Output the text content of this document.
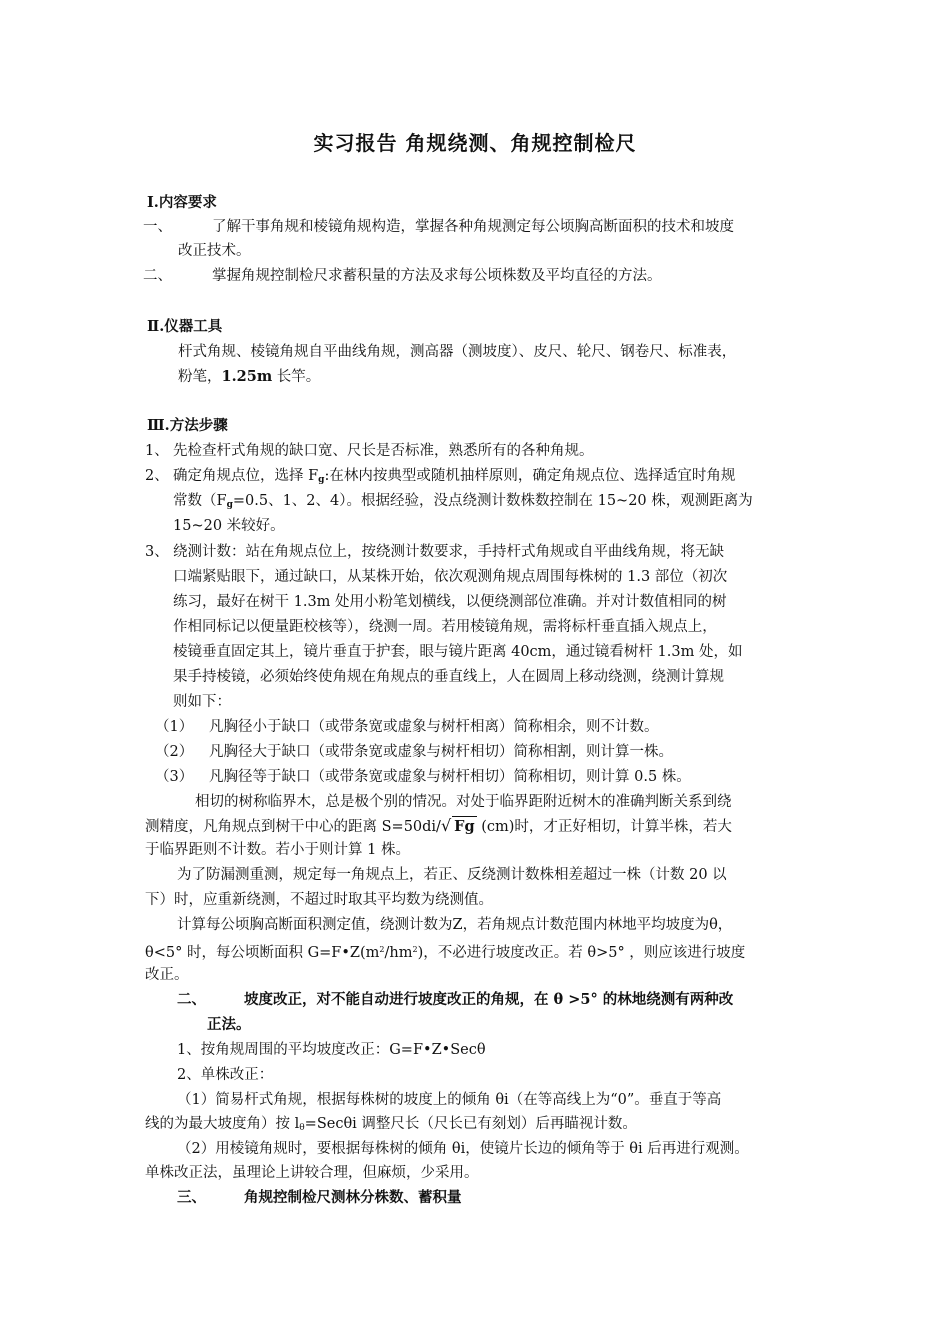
实习报告 角规绕测、角规控制检尺
Ⅰ.内容要求
一、	了解干事角规和棱镜角规构造，掌握各种角规测定每公顷胸高断面积的技术和坡度
改正技术。
二、	掌握角规控制检尺求蓄积量的方法及求每公顷株数及平均直径的方法。
Ⅱ.仪器工具
杆式角规、棱镜角规自平曲线角规，测高器（测坡度）、皮尺、轮尺、钢卷尺、标准表，
粉笔，1.25m 长竿。
Ⅲ.方法步骤
1、 先检查杆式角规的缺口宽、尺长是否标准，熟悉所有的各种角规。
2、 确定角规点位，选择 $F_g$:在林内按典型或随机抽样原则，确定角规点位、选择适宜时角规
常数（$F_g=0.5$、1、2、4）。根据经验，没点绕测计数株数控制在 15~20 株，观测距离为
15~20 米较好。
3、 绕测计数：站在角规点位上，按绕测计数要求，手持杆式角规或自平曲线角规，将无缺
口端紧贴眼下，通过缺口，从某株开始，依次观测角规点周围每株树的 1.3 部位（初次
练习，最好在树干 1.3m 处用小粉笔划横线，以便绕测部位准确。并对计数值相同的树
作相同标记以便量距校核等），绕测一周。若用棱镜角规，需将标杆垂直插入规点上，
棱镜垂直固定其上，镜片垂直于护套，眼与镜片距离 40cm，通过镜看树杆 1.3m 处，如
果手持棱镜，必须始终使角规在角规点的垂直线上，人在圆周上移动绕测，绕测计算规
则如下：
（1） 凡胸径小于缺口（或带条宽或虚象与树杆相离）简称相余，则不计数。
（2） 凡胸径大于缺口（或带条宽或虚象与树杆相切）简称相割，则计算一株。
（3） 凡胸径等于缺口（或带条宽或虚象与树杆相切）简称相切，则计算 0.5 株。
相切的树称临界木，总是极个别的情况。对处于临界距附近树木的准确判断关系到绕
测精度，凡角规点到树干中心的距离 S=50di/√ Fg (cm)时，才正好相切，计算半株，若大
于临界距则不计数。若小于则计算 1 株。
为了防漏测重测，规定每一角规点上，若正、反绕测计数株相差超过一株（计数 20 以
下）时，应重新绕测，不超过时取其平均数为绕测值。
计算每公顷胸高断面积测定值，绕测计数为Z，若角规点计数范围内林地平均坡度为θ，
θ<5° 时，每公顷断面积 $G=F•Z(m^2/hm^2)$，不必进行坡度改正。若 θ>5° ，则应该进行坡度
改正。
二、	坡度改正，对不能自动进行坡度改正的角规，在 θ >5° 的林地绕测有两种改
正法。
1、按角规周围的平均坡度改正：G=F•Z•Secθ
2、单株改正：
（1）简易杆式角规，根据每株树的坡度上的倾角 θi（在等高线上为“0”。垂直于等高
线的为最大坡度角）按 $l_\theta=Sec\theta i$ 调整尺长（尺长已有刻划）后再瞄视计数。
（2）用棱镜角规时，要根据每株树的倾角 θi，使镜片长边的倾角等于 θi 后再进行观测。
单株改正法，虽理论上讲较合理，但麻烦，少采用。
三、	角规控制检尺测林分株数、蓄积量
